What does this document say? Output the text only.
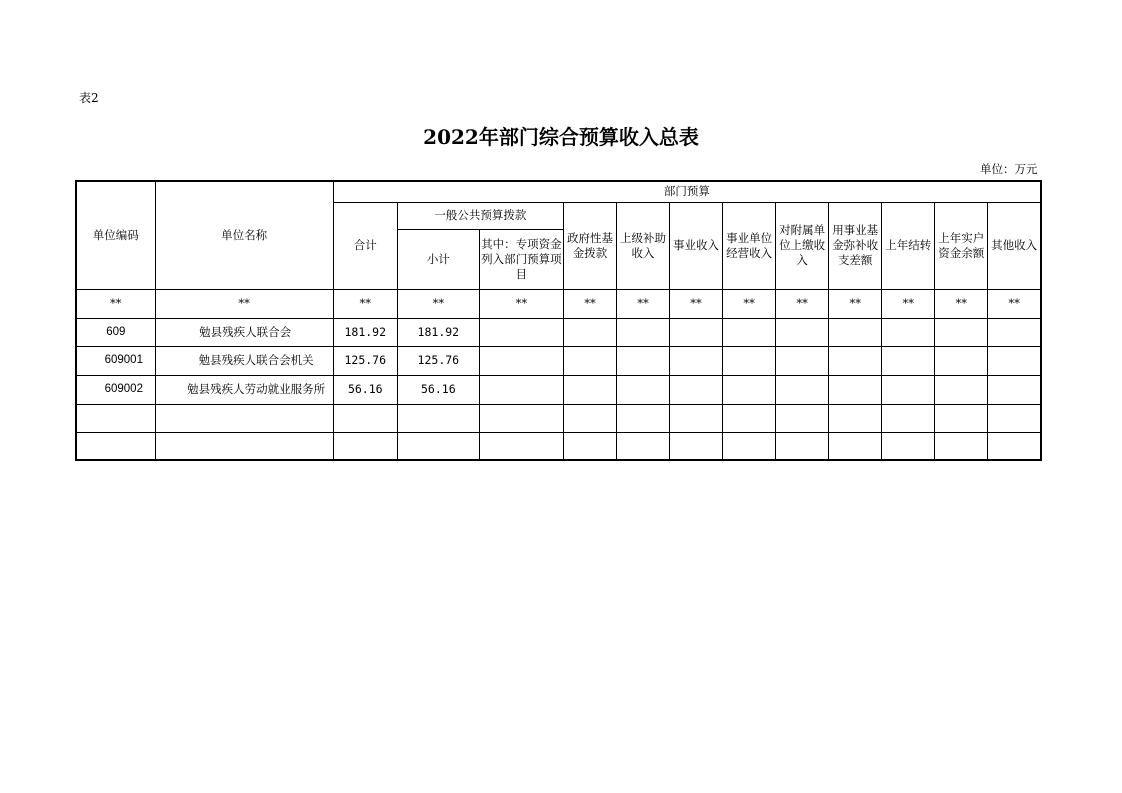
表2
2022年部门综合预算收入总表
单位：万元
单位编码	单位名称	部门预算											
		合计	一般公共预算拨款		政府性基金拨款	上级补助收入	事业收入	事业单位经营收入	对附属单位上缴收入	用事业基金弥补收支差额	上年结转	上年实户资金余额	其他收入

			小计	其中：专项资金列入部门预算项目									

**	**	**	**	**	**	**	**	**	**	**	**	**	**
609	勉县残疾人联合会	181.92	181.92										
609001	勉县残疾人联合会机关	125.76	125.76										
609002	勉县残疾人劳动就业服务所	56.16	56.16										
